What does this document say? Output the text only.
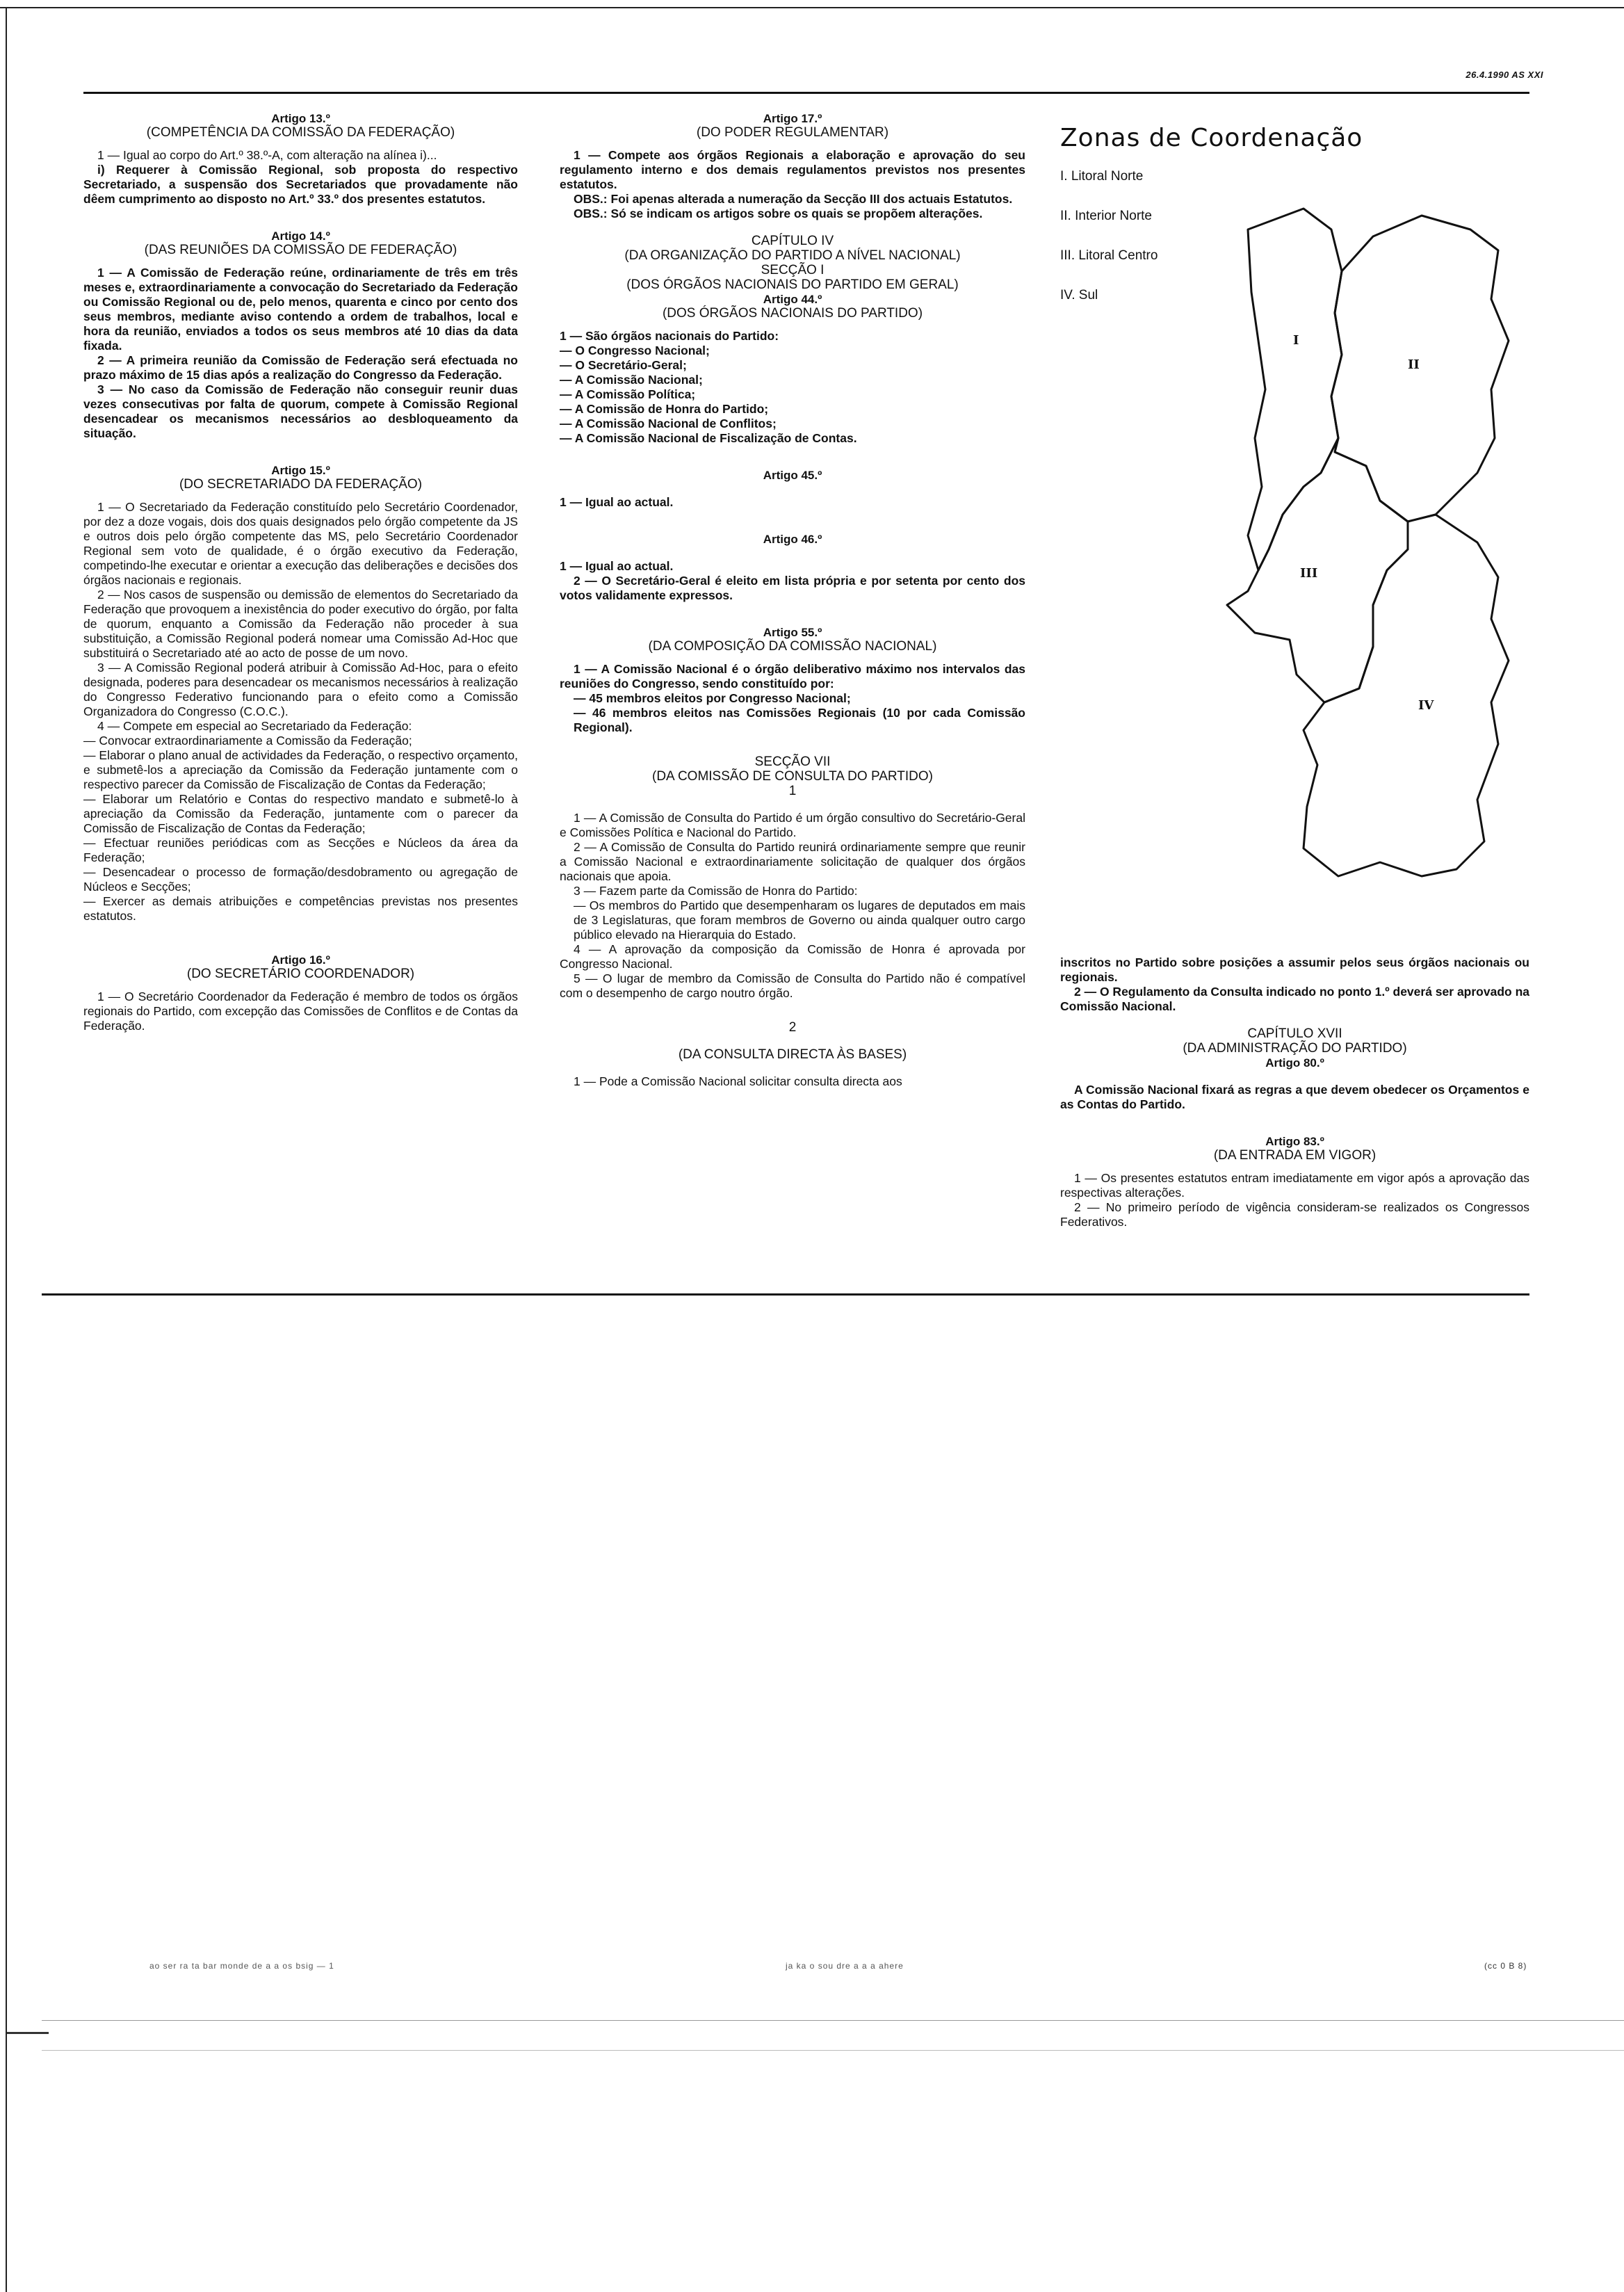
26.4.1990 AS XXI
Artigo 13.º
(COMPETÊNCIA DA COMISSÃO DA FEDERAÇÃO)

1 — Igual ao corpo do Art.º 38.º-A, com alteração na alínea i)...

i) Requerer à Comissão Regional, sob proposta do respectivo Secretariado, a suspensão dos Secretariados que provadamente não dêem cumprimento ao disposto no Art.º 33.º dos presentes estatutos.

Artigo 14.º
(DAS REUNIÕES DA COMISSÃO DE FEDERAÇÃO)

1 — A Comissão de Federação reúne, ordinariamente de três em três meses e, extraordinariamente a convocação do Secretariado da Federação ou Comissão Regional ou de, pelo menos, quarenta e cinco por cento dos seus membros, mediante aviso contendo a ordem de trabalhos, local e hora da reunião, enviados a todos os seus membros até 10 dias da data fixada.

2 — A primeira reunião da Comissão de Federação será efectuada no prazo máximo de 15 dias após a realização do Congresso da Federação.

3 — No caso da Comissão de Federação não conseguir reunir duas vezes consecutivas por falta de quorum, compete à Comissão Regional desencadear os mecanismos necessários ao desbloqueamento da situação.

Artigo 15.º
(DO SECRETARIADO DA FEDERAÇÃO)

1 — O Secretariado da Federação constituído pelo Secretário Coordenador, por dez a doze vogais, dois dos quais designados pelo órgão competente da JS e outros dois pelo órgão competente das MS, pelo Secretário Coordenador Regional sem voto de qualidade, é o órgão executivo da Federação, competindo-lhe executar e orientar a execução das deliberações e decisões dos órgãos nacionais e regionais.

2 — Nos casos de suspensão ou demissão de elementos do Secretariado da Federação que provoquem a inexistência do poder executivo do órgão, por falta de quorum, enquanto a Comissão da Federação não proceder à sua substituição, a Comissão Regional poderá nomear uma Comissão Ad-Hoc que substituirá o Secretariado até ao acto de posse de um novo.

3 — A Comissão Regional poderá atribuir à Comissão Ad-Hoc, para o efeito designada, poderes para desencadear os mecanismos necessários à realização do Congresso Federativo funcionando para o efeito como a Comissão Organizadora do Congresso (C.O.C.).

4 — Compete em especial ao Secretariado da Federação:

— Convocar extraordinariamente a Comissão da Federação;

— Elaborar o plano anual de actividades da Federação, o respectivo orçamento, e submetê-los a apreciação da Comissão da Federação juntamente com o respectivo parecer da Comissão de Fiscalização de Contas da Federação;

— Elaborar um Relatório e Contas do respectivo mandato e submetê-lo à apreciação da Comissão da Federação, juntamente com o parecer da Comissão de Fiscalização de Contas da Federação;

— Efectuar reuniões periódicas com as Secções e Núcleos da área da Federação;

— Desencadear o processo de formação/desdobramento ou agregação de Núcleos e Secções;

— Exercer as demais atribuições e competências previstas nos presentes estatutos.

Artigo 16.º
(DO SECRETÁRIO COORDENADOR)

1 — O Secretário Coordenador da Federação é membro de todos os órgãos regionais do Partido, com excepção das Comissões de Conflitos e de Contas da Federação.

Artigo 17.º
(DO PODER REGULAMENTAR)

1 — Compete aos órgãos Regionais a elaboração e aprovação do seu regulamento interno e dos demais regulamentos previstos nos presentes estatutos.

OBS.: Foi apenas alterada a numeração da Secção III dos actuais Estatutos.

OBS.: Só se indicam os artigos sobre os quais se propõem alterações.

CAPÍTULO IV
(DA ORGANIZAÇÃO DO PARTIDO A NÍVEL NACIONAL)
SECÇÃO I
(DOS ÓRGÃOS NACIONAIS DO PARTIDO EM GERAL)
Artigo 44.º
(DOS ÓRGÃOS NACIONAIS DO PARTIDO)

1 — São órgãos nacionais do Partido:

— O Congresso Nacional;

— O Secretário-Geral;

— A Comissão Nacional;

— A Comissão Política;

— A Comissão de Honra do Partido;

— A Comissão Nacional de Conflitos;

— A Comissão Nacional de Fiscalização de Contas.

Artigo 45.º

1 — Igual ao actual.

Artigo 46.º

1 — Igual ao actual.

2 — O Secretário-Geral é eleito em lista própria e por setenta por cento dos votos validamente expressos.

Artigo 55.º
(DA COMPOSIÇÃO DA COMISSÃO NACIONAL)

1 — A Comissão Nacional é o órgão deliberativo máximo nos intervalos das reuniões do Congresso, sendo constituído por:

— 45 membros eleitos por Congresso Nacional;

— 46 membros eleitos nas Comissões Regionais (10 por cada Comissão Regional).

SECÇÃO VII
(DA COMISSÃO DE CONSULTA DO PARTIDO)
1

1 — A Comissão de Consulta do Partido é um órgão consultivo do Secretário-Geral e Comissões Política e Nacional do Partido.

2 — A Comissão de Consulta do Partido reunirá ordinariamente sempre que reunir a Comissão Nacional e extraordinariamente solicitação de qualquer dos órgãos nacionais que apoia.

3 — Fazem parte da Comissão de Honra do Partido:

— Os membros do Partido que desempenharam os lugares de deputados em mais de 3 Legislaturas, que foram membros de Governo ou ainda qualquer outro cargo público elevado na Hierarquia do Estado.

4 — A aprovação da composição da Comissão de Honra é aprovada por Congresso Nacional.

5 — O lugar de membro da Comissão de Consulta do Partido não é compatível com o desempenho de cargo noutro órgão.

2
(DA CONSULTA DIRECTA ÀS BASES)

1 — Pode a Comissão Nacional solicitar consulta directa aos

Zonas de Coordenação
I. Litoral Norte
II. Interior Norte
III. Litoral Centro
IV. Sul
I
II
III
IV

inscritos no Partido sobre posições a assumir pelos seus órgãos nacionais ou regionais.

2 — O Regulamento da Consulta indicado no ponto 1.º deverá ser aprovado na Comissão Nacional.

CAPÍTULO XVII
(DA ADMINISTRAÇÃO DO PARTIDO)
Artigo 80.º

A Comissão Nacional fixará as regras a que devem obedecer os Orçamentos e as Contas do Partido.

Artigo 83.º
(DA ENTRADA EM VIGOR)

1 — Os presentes estatutos entram imediatamente em vigor após a aprovação das respectivas alterações.

2 — No primeiro período de vigência consideram-se realizados os Congressos Federativos.

ao ser ra ta bar monde de a a os bsig — 1	ja ka o sou dre a a a ahere	(cc 0 B 8)
